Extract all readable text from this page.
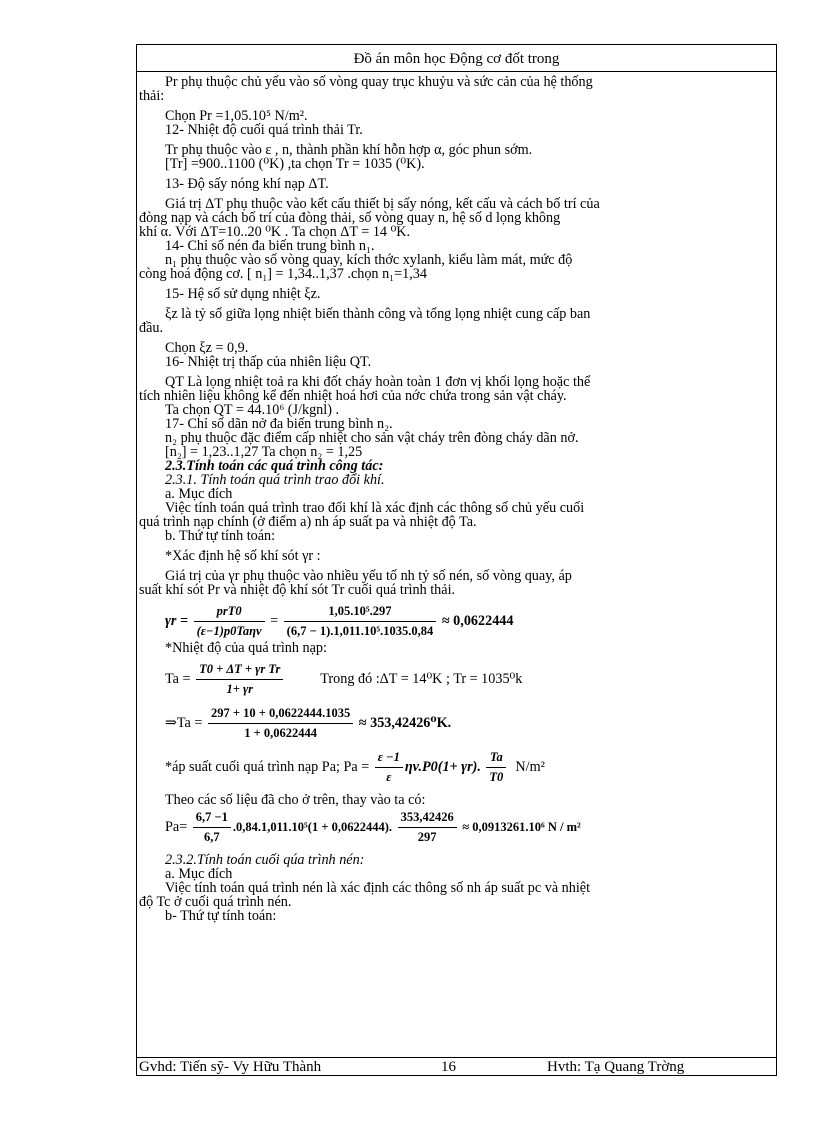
Đồ án môn học Động cơ đốt trong

Pr phụ thuộc chủ yếu vào số vòng quay trục khuỷu và sức cản của hệ thống

thải:

Chọn Pr =1,05.10⁵ N/m².

12- Nhiệt độ cuối quá trình thải Tr.

Tr phụ thuộc vào ε , n, thành phần khí hỗn hợp α, góc phun sớm.

[Tr] =900..1100 (⁰K) ,ta chọn Tr = 1035 (⁰K).

13- Độ sấy nóng khí nạp ΔT.

Giá trị ΔT phụ thuộc vào kết cấu thiết bị sấy nóng, kết cấu và cách bố trí của

đòng nạp và cách bố trí của đòng thải, số vòng quay n, hệ số d lọng không

khí α. Với ΔT=10..20 ⁰K . Ta chọn ΔT = 14 ⁰K.

14- Chỉ số nén đa biến trung bình n₁.

n₁ phụ thuộc vào số vòng quay, kích thớc xylanh, kiểu làm mát, mức độ

còng hoá động cơ. [ n₁] = 1,34..1,37 .chọn n₁=1,34

15- Hệ số sử dụng nhiệt ξz.

ξz là tỷ số giữa lọng nhiệt biến thành công và tổng lọng nhiệt cung cấp ban

đầu.

Chọn ξz = 0,9.

16- Nhiệt trị thấp của nhiên liệu QT.

QT Là lọng nhiệt toả ra khi đốt cháy hoàn toàn 1 đơn vị khối lọng hoặc thể

tích nhiên liệu không kể đến nhiệt hoá hơi của nớc chứa trong sản vật cháy.

Ta chọn QT = 44.10⁶ (J/kgnl) .

17- Chỉ số dãn nở đa biến trung bình n₂.

n₂ phụ thuộc đặc điểm cấp nhiệt cho sản vật cháy trên đòng cháy dãn nở.

[n₂] = 1,23..1,27 Ta chọn n₂ = 1,25

2.3.Tính toán các quá trình công tác:

2.3.1. Tính toán quá trình trao đổi khí.

a. Mục đích

Việc tính toán quá trình trao đổi khí là xác định các thông số chủ yếu cuối

quá trình nạp chính (ở điểm a) nh áp suất pa và nhiệt độ Ta.

b. Thứ tự tính toán:

*Xác định hệ số khí sót γr :

Giá trị của γr phụ thuộc vào nhiều yếu tố nh tỷ số nén, số vòng quay, áp

suất khí sót Pr và nhiệt độ khí sót Tr cuối quá trình thải.

$\gamma r = \frac{\text{prT0}}{\text{(ε−1)p0Taηv}} = \frac{\text{1,05.10⁵.297}}{\text{(6,7 − 1).1,011.10⁵.1035.0,84}} \approx 0,0622444$

*Nhiệt độ của quá trình nạp:

$Ta = \frac{\text{T0 + ΔT + γr Tr}}{1+ \gamma r}$	Trong đó :ΔT = 14⁰K ; Tr = 1035⁰k
⇒Ta = $\frac{297 + 10 + 0,0622444.1035}{1 + 0,0622444} \approx 353,42426^0K$.
*áp suất cuối quá trình nạp Pa; $Pa = \frac{\varepsilon -1}{\varepsilon} \eta v.P0(1+ \gamma r)$. $\frac{Ta}{T0} N/m^2$

Theo các số liệu đã cho ở trên, thay vào ta có:

$Pa= \frac{6,7 -1}{6,7} .0,84.1,011.10^5(1 + 0,0622444)$. $\frac{353,42426}{297} \approx 0,0913261.10^6$ N / m²

2.3.2.Tính toán cuối qúa trình nén:

a. Mục đích

Việc tính toán quá trình nén là xác định các thông số nh áp suất pc và nhiệt

độ Tc ở cuối quá trình nén.

b- Thứ tự tính toán:

Gvhd: Tiến sỹ- Vy Hữu Thành	16	Hvth: Tạ Quang Trờng
